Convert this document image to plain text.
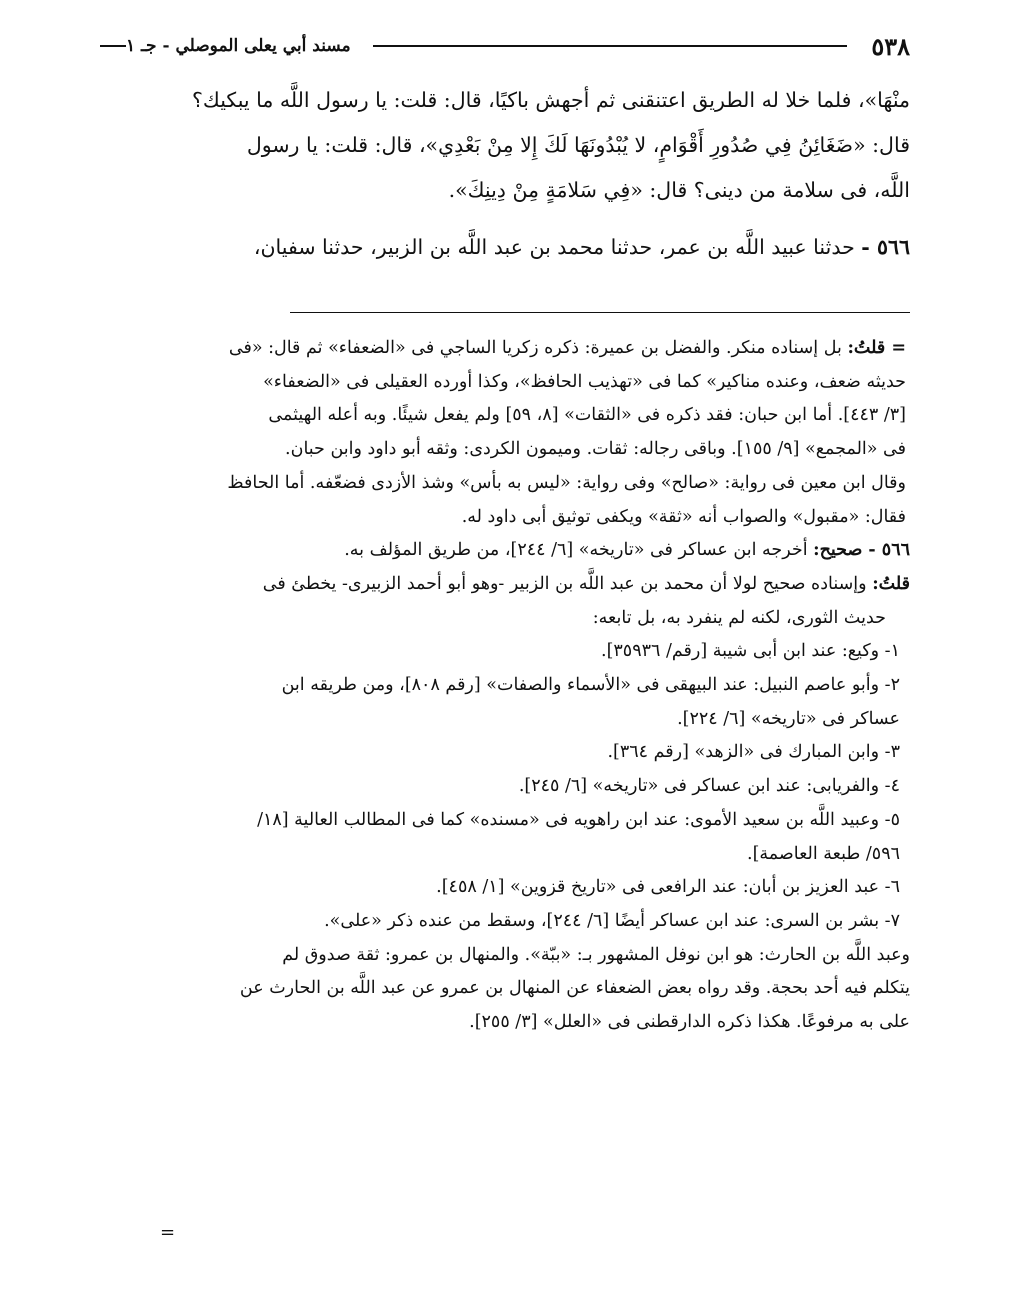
٥٣٨
مسند أبي يعلى الموصلي - جـ ١

منْهَا»، فلما خلا له الطريق اعتنقنى ثم أجهش باكيًا، قال: قلت: يا رسول اللَّه ما يبكيك؟

قال: «ضَغَائِنُ فِي صُدُورِ أَقْوَامٍ، لا يُبْدُونَهَا لَكَ إِلا مِنْ بَعْدِي»، قال: قلت: يا رسول

اللَّه، فى سلامة من دينى؟ قال: «فِي سَلامَةٍ مِنْ دِينِكَ».

٥٦٦ - حدثنا عبيد اللَّه بن عمر، حدثنا محمد بن عبد اللَّه بن الزبير، حدثنا سفيان،

= قلتُ: بل إسناده منكر. والفضل بن عميرة: ذكره زكريا الساجي فى «الضعفاء» ثم قال: «فى

حديثه ضعف، وعنده مناكير» كما فى «تهذيب الحافظ»، وكذا أورده العقيلى فى «الضعفاء»

[٣/ ٤٤٣]. أما ابن حبان: فقد ذكره فى «الثقات» [٨، ٥٩] ولم يفعل شيئًا. وبه أعله الهيثمى

فى «المجمع» [٩/ ١٥٥]. وباقى رجاله: ثقات. وميمون الكردى: وثقه أبو داود وابن حبان.

وقال ابن معين فى رواية: «صالح» وفى رواية: «ليس به بأس» وشذ الأزدى فضعّفه. أما الحافظ

فقال: «مقبول» والصواب أنه «ثقة» ويكفى توثيق أبى داود له.

٥٦٦ - صحيح: أخرجه ابن عساكر فى «تاريخه» [٦/ ٢٤٤]، من طريق المؤلف به.

قلتُ: وإسناده صحيح لولا أن محمد بن عبد اللَّه بن الزبير -وهو أبو أحمد الزبيرى- يخطئ فى

حديث الثورى، لكنه لم ينفرد به، بل تابعه:

١- وكيع: عند ابن أبى شيبة [رقم/ ٣٥٩٣٦].

٢- وأبو عاصم النبيل: عند البيهقى فى «الأسماء والصفات» [رقم ٨٠٨]، ومن طريقه ابن

عساكر فى «تاريخه» [٦/ ٢٢٤].

٣- وابن المبارك فى «الزهد» [رقم ٣٦٤].

٤- والفريابى: عند ابن عساكر فى «تاريخه» [٦/ ٢٤٥].

٥- وعبيد اللَّه بن سعيد الأموى: عند ابن راهويه فى «مسنده» كما فى المطالب العالية [١٨/

٥٩٦/ طبعة العاصمة].

٦- عبد العزيز بن أبان: عند الرافعى فى «تاريخ قزوين» [١/ ٤٥٨].

٧- بشر بن السرى: عند ابن عساكر أيضًا [٦/ ٢٤٤]، وسقط من عنده ذكر «على».

وعبد اللَّه بن الحارث: هو ابن نوفل المشهور بـ: «ببّة». والمنهال بن عمرو: ثقة صدوق لم

يتكلم فيه أحد بحجة. وقد رواه بعض الضعفاء عن المنهال بن عمرو عن عبد اللَّه بن الحارث عن

على به مرفوعًا. هكذا ذكره الدارقطنى فى «العلل» [٣/ ٢٥٥].

=
